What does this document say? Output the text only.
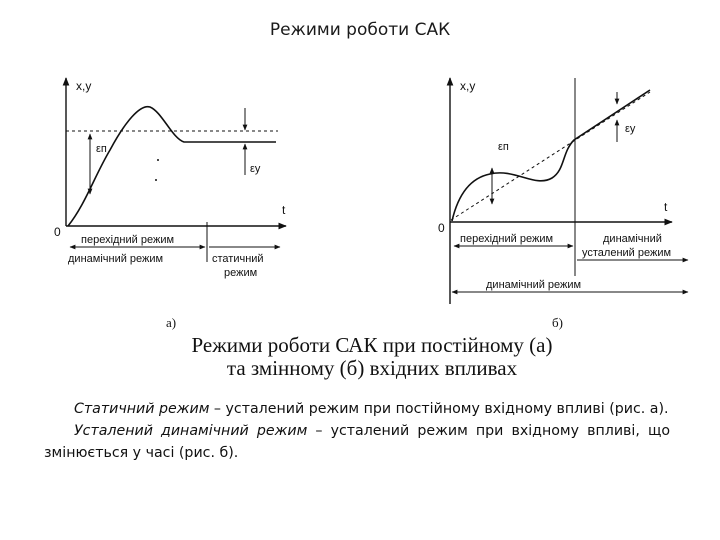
Режими роботи САК
x,y
t
0
εп
εу
перехідний режим
динамічний режим	статичний
режим
а)
x,y
t
0
εп
εу
перехідний режим	динамічний
усталений режим
динамічний режим
б)
Режими роботи САК при постійному (а)
та змінному (б) вхідних впливах

Статичний режим – усталений режим при постійному вхідному впливі (рис. а).

Усталений динамічний режим – усталений режим при вхідному впливі, що змінюється у часі (рис. б).
